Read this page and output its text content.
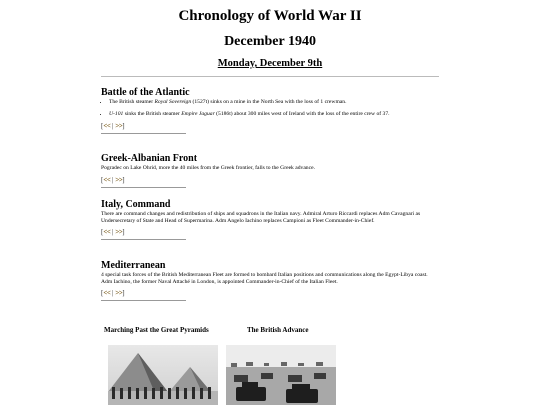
Chronology of World War II
December 1940
Monday, December 9th
Battle of the Atlantic
• The British steamer Royal Sovereign (1527t) sinks on a mine in the North Sea with the loss of 1 crewman.
• U-101 sinks the British steamer Empire Jaguar (5186t) about 300 miles west of Ireland with the loss of the entire crew of 37.
[<< | >>]
Greek-Albanian Front

Pogradec on Lake Ohrid, more the 40 miles from the Greek frontier, falls to the Greek advance.

[<< | >>]
Italy, Command

There are command changes and redistribution of ships and squadrons in the Italian navy. Admiral Arturo Riccardi replaces Adm Cavagnari as Undersecretary of State and Head of Supermarina. Adm Angelo Iachino replaces Campioni as Fleet Commander-in-Chief.

[<< | >>]
Mediterranean

4 special task forces of the British Mediterranean Fleet are formed to bombard Italian positions and communications along the Egypt-Libya coast. Adm Iachino, the former Naval Attaché in London, is appointed Commander-in-Chief of the Italian Fleet.

[<< | >>]
Marching Past the Great Pyramids	The British Advance
